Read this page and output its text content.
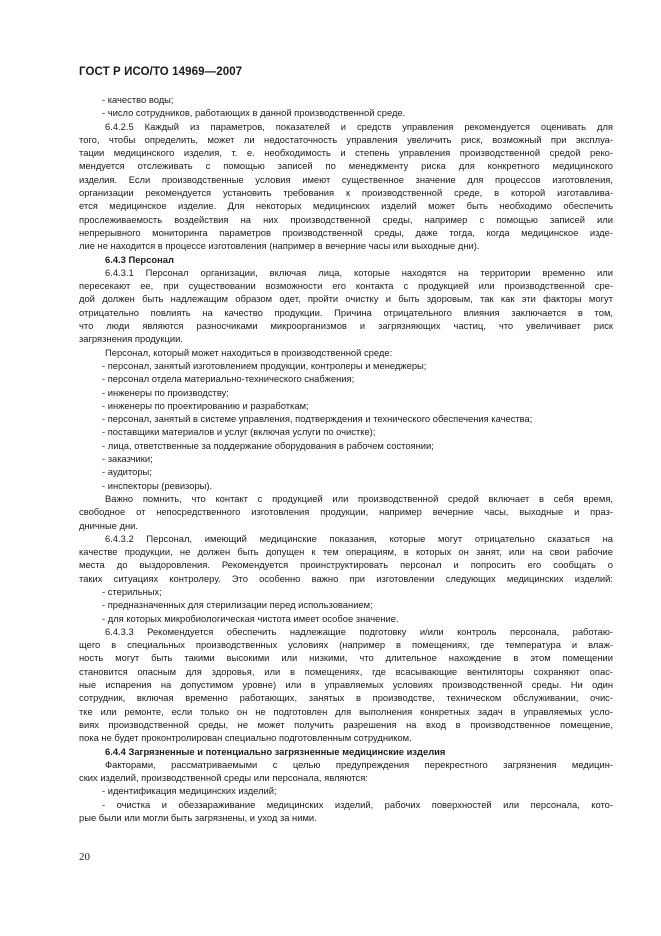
ГОСТ Р ИСО/ТО 14969—2007
- качество воды;
- число сотрудников, работающих в данной производственной среде.
6.4.2.5 Каждый из параметров, показателей и средств управления рекомендуется оценивать для
того, чтобы определить, может ли недостаточность управления увеличить риск, возможный при эксплуа-
тации медицинского изделия, т. е. необходимость и степень управления производственной средой реко-
мендуется отслеживать с помощью записей по менеджменту риска для конкретного медицинского
изделия. Если производственные условия имеют существенное значение для процессов изготовления,
организации рекомендуется установить требования к производственной среде, в которой изготавлива-
ется медицинское изделие. Для некоторых медицинских изделий может быть необходимо обеспечить
прослеживаемость воздействия на них производственной среды, например с помощью записей или
непрерывного мониторинга параметров производственной среды, даже тогда, когда медицинское изде-
лие не находится в процессе изготовления (например в вечерние часы или выходные дни).
6.4.3 Персонал
6.4.3.1 Персонал организации, включая лица, которые находятся на территории временно или
пересекают ее, при существовании возможности его контакта с продукцией или производственной сре-
дой должен быть надлежащим образом одет, пройти очистку и быть здоровым, так как эти факторы могут
отрицательно повлиять на качество продукции. Причина отрицательного влияния заключается в том,
что люди являются разносчиками микроорганизмов и загрязняющих частиц, что увеличивает риск
загрязнения продукции.
Персонал, который может находиться в производственной среде:
- персонал, занятый изготовлением продукции, контролеры и менеджеры;
- персонал отдела материально-технического снабжения;
- инженеры по производству;
- инженеры по проектированию и разработкам;
- персонал, занятый в системе управления, подтверждения и технического обеспечения качества;
- поставщики материалов и услуг (включая услуги по очистке);
- лица, ответственные за поддержание оборудования в рабочем состоянии;
- заказчики;
- аудиторы;
- инспекторы (ревизоры).
Важно помнить, что контакт с продукцией или производственной средой включает в себя время,
свободное от непосредственного изготовления продукции, например вечерние часы, выходные и праз-
дничные дни.
6.4.3.2 Персонал, имеющий медицинские показания, которые могут отрицательно сказаться на
качестве продукции, не должен быть допущен к тем операциям, в которых он занят, или на свои рабочие
места до выздоровления. Рекомендуется проинструктировать персонал и попросить его сообщать о
таких ситуациях контролеру. Это особенно важно при изготовлении следующих медицинских изделий:
- стерильных;
- предназначенных для стерилизации перед использованием;
- для которых микробиологическая чистота имеет особое значение.
6.4.3.3 Рекомендуется обеспечить надлежащие подготовку и/или контроль персонала, работаю-
щего в специальных производственных условиях (например в помещениях, где температура и влаж-
ность могут быть такими высокими или низкими, что длительное нахождение в этом помещении
становится опасным для здоровья, или в помещениях, где всасывающие вентиляторы сохраняют опас-
ные испарения на допустимом уровне) или в управляемых условиях производственной среды. Ни один
сотрудник, включая временно работающих, занятых в производстве, техническом обслуживании, очис-
тке или ремонте, если только он не подготовлен для выполнения конкретных задач в управляемых усло-
виях производственной среды, не может получить разрешения на вход в производственное помещение,
пока не будет проконтролирован специально подготовленным сотрудником.
6.4.4 Загрязненные и потенциально загрязненные медицинские изделия
Факторами, рассматриваемыми с целью предупреждения перекрестного загрязнения медицин-
ских изделий, производственной среды или персонала, являются:
- идентификация медицинских изделий;
- очистка и обеззараживание медицинских изделий, рабочих поверхностей или персонала, кото-
рые были или могли быть загрязнены, и уход за ними.
20
